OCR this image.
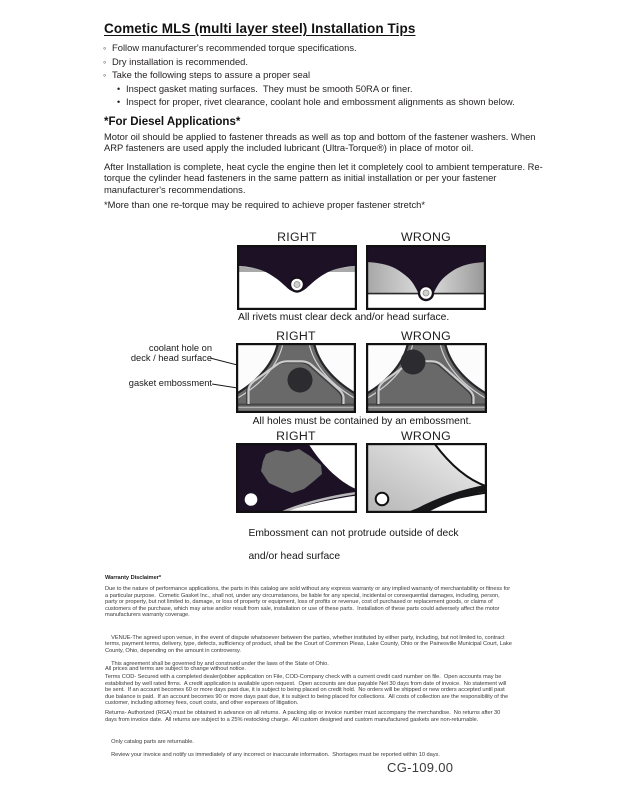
Cometic MLS (multi layer steel) Installation Tips
◦ Follow manufacturer's recommended torque specifications.
◦ Dry installation is recommended.
◦ Take the following steps to assure a proper seal
• Inspect gasket mating surfaces.  They must be smooth 50RA or finer.
• Inspect for proper, rivet clearance, coolant hole and embossment alignments as shown below.
*For Diesel Applications*
Motor oil should be applied to fastener threads as well as top and bottom of the fastener washers. When ARP fasteners are used apply the included lubricant (Ultra-Torque®) in place of motor oil.
After Installation is complete, heat cycle the engine then let it completely cool to ambient temperature. Re-torque the cylinder head fasteners in the same pattern as initial installation or per your fastener manufacturer's recommendations.
*More than one re-torque may be required to achieve proper fastener stretch*
RIGHT	WRONG
All rivets must clear deck and/or head surface.
RIGHT	WRONG
coolant hole on
deck / head surface
gasket embossment
All holes must be contained by an embossment.
RIGHT	WRONG

Embossment can not protrude outside of deck

and/or head surface

Warranty Disclaimer*
Due to the nature of performance applications, the parts in this catalog are sold without any express warranty or any implied warranty of merchantability or fitness for a particular purpose.  Cometic Gasket Inc., shall not, under any circumstances, be liable for any special, incidental or consequential damages, including, person, party or property, but not limited to, damage, or loss of property or equipment, loss of profits or revenue, cost of purchased or replacement goods, or claims of customers of the purchase, which may arise and/or result from sale, installation or use of these parts.  Installation of these parts could adversely affect the motor manufacturers warranty coverage.

VENUE-The agreed upon venue, in the event of dispute whatsoever between the parties, whether instituted by either party, including, but not limited to, contract terms, payment terms, delivery, type, defects, sufficiency of product, shall be the Court of Common Pleas, Lake County, Ohio or the Painesville Municipal Court, Lake County, Ohio, depending on the amount in controversy.

This agreement shall be governed by and construed under the laws of the State of Ohio.

All prices and terms are subject to change without notice.
Terms COD- Secured with a completed dealer/jobber application on File, COD-Company check with a current credit card number on file.  Open accounts may be established by well rated firms.  A credit application is available upon request.  Open accounts are due payable Net 30 days from date of invoice.  No statement will be sent.  If an account becomes 60 or more days past due, it is subject to being placed on credit hold.  No orders will be shipped or new orders accepted until past due balance is paid.  If an account becomes 90 or more days past due, it is subject to being placed for collections.  All costs of collection are the responsibility of the customer, including attorney fees, court costs, and other expenses of litigation.
Returns- Authorized (RGA) must be obtained in advance on all returns.  A packing slip or invoice number must accompany the merchandise.  No returns after 30 days from invoice date.  All returns are subject to a 25% restocking charge.  All custom designed and custom manufactured gaskets are non-returnable.

Only catalog parts are returnable.

Review your invoice and notify us immediately of any incorrect or inaccurate information.  Shortages must be reported within 10 days.

CG-109.00
